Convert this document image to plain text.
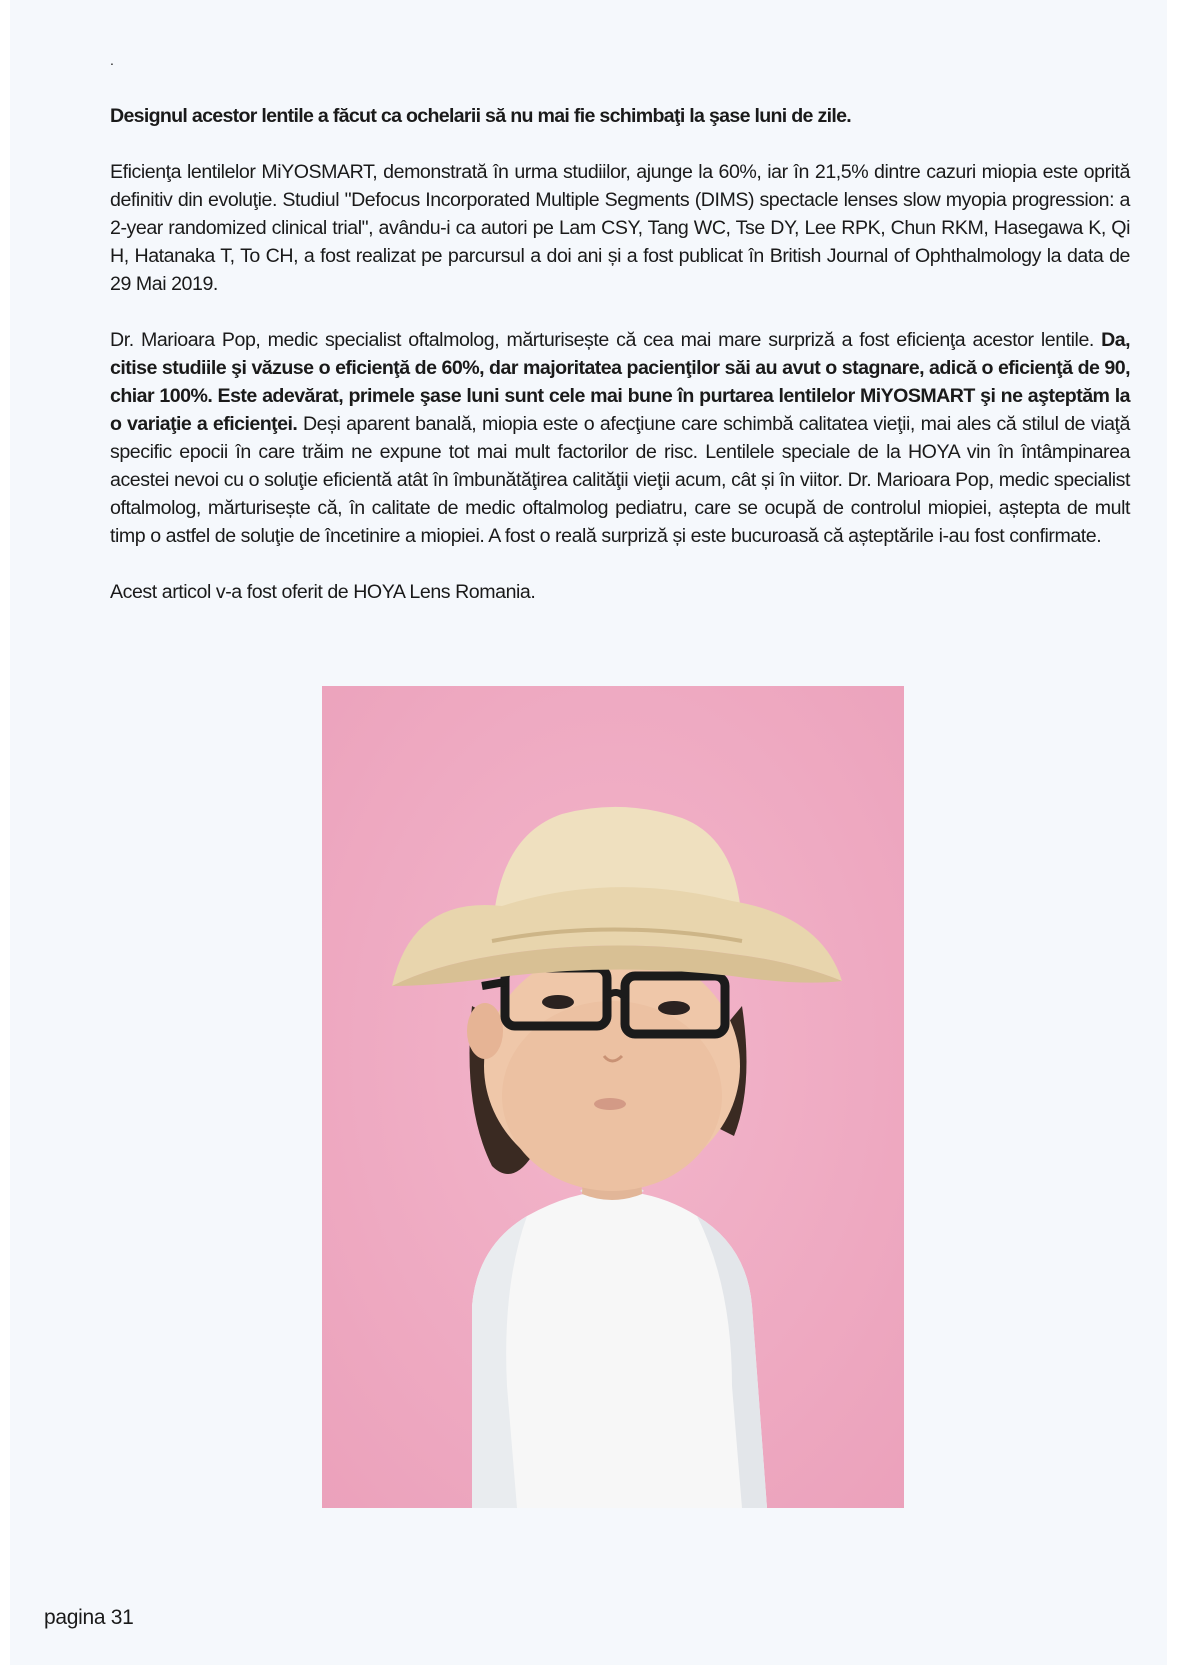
.

Designul acestor lentile a făcut ca ochelarii să nu mai fie schimbaţi la şase luni de zile.

Eficienţa lentilelor MiYOSMART, demonstrată în urma studiilor, ajunge la 60%, iar în 21,5% dintre cazuri miopia este oprită definitiv din evoluţie. Studiul "Defocus Incorporated Multiple Segments (DIMS) spectacle lenses slow myopia progression: a 2-year randomized clinical trial", avându-i ca autori pe Lam CSY, Tang WC, Tse DY, Lee RPK, Chun RKM, Hasegawa K, Qi H, Hatanaka T, To CH, a fost realizat pe parcursul a doi ani și a fost publicat în British Journal of Ophthalmology la data de 29 Mai 2019.

Dr. Marioara Pop, medic specialist oftalmolog, mărturisește că cea mai mare surpriză a fost eficienţa acestor lentile. Da, citise studiile şi văzuse o eficienţă de 60%, dar majoritatea pacienţilor săi au avut o stagnare, adică o eficienţă de 90, chiar 100%. Este adevărat, primele şase luni sunt cele mai bune în purtarea lentilelor MiYOSMART şi ne aşteptăm la o variaţie a eficienţei. Deși aparent banală, miopia este o afecţiune care schimbă calitatea vieţii, mai ales că stilul de viaţă specific epocii în care trăim ne expune tot mai mult factorilor de risc. Lentilele speciale de la HOYA vin în întâmpinarea acestei nevoi cu o soluţie eficientă atât în îmbunătăţirea calităţii vieţii acum, cât și în viitor. Dr. Marioara Pop, medic specialist oftalmolog, mărturisește că, în calitate de medic oftalmolog pediatru, care se ocupă de controlul miopiei, aștepta de mult timp o astfel de soluţie de încetinire a miopiei. A fost o reală surpriză și este bucuroasă că așteptările i-au fost confirmate.

Acest articol v-a fost oferit de HOYA Lens Romania.

pagina 31
